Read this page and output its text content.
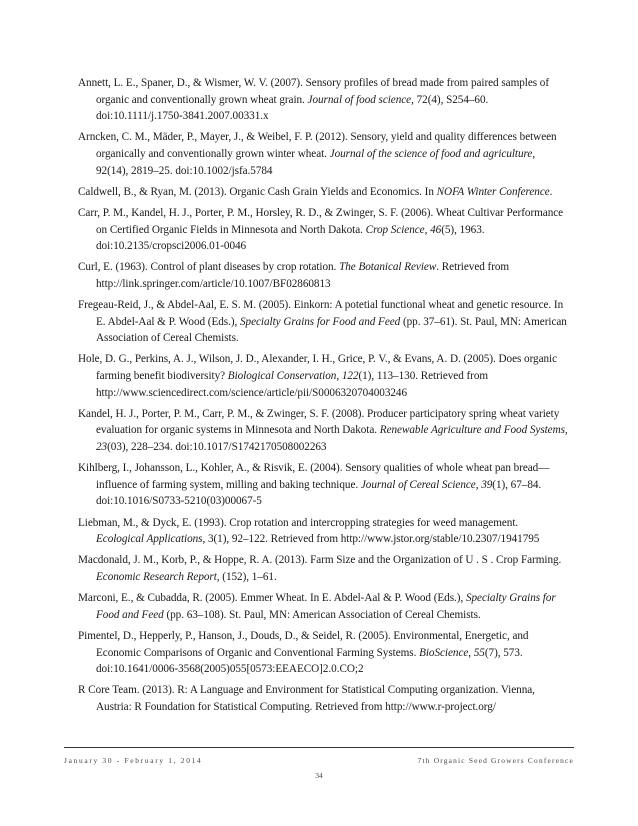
Annett, L. E., Spaner, D., & Wismer, W. V. (2007). Sensory profiles of bread made from paired samples of organic and conventionally grown wheat grain. Journal of food science, 72(4), S254–60. doi:10.1111/j.1750-3841.2007.00331.x
Arncken, C. M., Mäder, P., Mayer, J., & Weibel, F. P. (2012). Sensory, yield and quality differences between organically and conventionally grown winter wheat. Journal of the science of food and agriculture, 92(14), 2819–25. doi:10.1002/jsfa.5784
Caldwell, B., & Ryan, M. (2013). Organic Cash Grain Yields and Economics. In NOFA Winter Conference.
Carr, P. M., Kandel, H. J., Porter, P. M., Horsley, R. D., & Zwinger, S. F. (2006). Wheat Cultivar Performance on Certified Organic Fields in Minnesota and North Dakota. Crop Science, 46(5), 1963. doi:10.2135/cropsci2006.01-0046
Curl, E. (1963). Control of plant diseases by crop rotation. The Botanical Review. Retrieved from http://link.springer.com/article/10.1007/BF02860813
Fregeau-Reid, J., & Abdel-Aal, E. S. M. (2005). Einkorn: A potetial functional wheat and genetic resource. In E. Abdel-Aal & P. Wood (Eds.), Specialty Grains for Food and Feed (pp. 37–61). St. Paul, MN: American Association of Cereal Chemists.
Hole, D. G., Perkins, A. J., Wilson, J. D., Alexander, I. H., Grice, P. V., & Evans, A. D. (2005). Does organic farming benefit biodiversity? Biological Conservation, 122(1), 113–130. Retrieved from http://www.sciencedirect.com/science/article/pii/S0006320704003246
Kandel, H. J., Porter, P. M., Carr, P. M., & Zwinger, S. F. (2008). Producer participatory spring wheat variety evaluation for organic systems in Minnesota and North Dakota. Renewable Agriculture and Food Systems, 23(03), 228–234. doi:10.1017/S1742170508002263
Kihlberg, I., Johansson, L., Kohler, A., & Risvik, E. (2004). Sensory qualities of whole wheat pan bread—influence of farming system, milling and baking technique. Journal of Cereal Science, 39(1), 67–84. doi:10.1016/S0733-5210(03)00067-5
Liebman, M., & Dyck, E. (1993). Crop rotation and intercropping strategies for weed management. Ecological Applications, 3(1), 92–122. Retrieved from http://www.jstor.org/stable/10.2307/1941795
Macdonald, J. M., Korb, P., & Hoppe, R. A. (2013). Farm Size and the Organization of U . S . Crop Farming. Economic Research Report, (152), 1–61.
Marconi, E., & Cubadda, R. (2005). Emmer Wheat. In E. Abdel-Aal & P. Wood (Eds.), Specialty Grains for Food and Feed (pp. 63–108). St. Paul, MN: American Association of Cereal Chemists.
Pimentel, D., Hepperly, P., Hanson, J., Douds, D., & Seidel, R. (2005). Environmental, Energetic, and Economic Comparisons of Organic and Conventional Farming Systems. BioScience, 55(7), 573. doi:10.1641/0006-3568(2005)055[0573:EEAECO]2.0.CO;2
R Core Team. (2013). R: A Language and Environment for Statistical Computing organization. Vienna, Austria: R Foundation for Statistical Computing. Retrieved from http://www.r-project.org/
January 30 - February 1, 2014	7th Organic Seed Growers Conference
34
